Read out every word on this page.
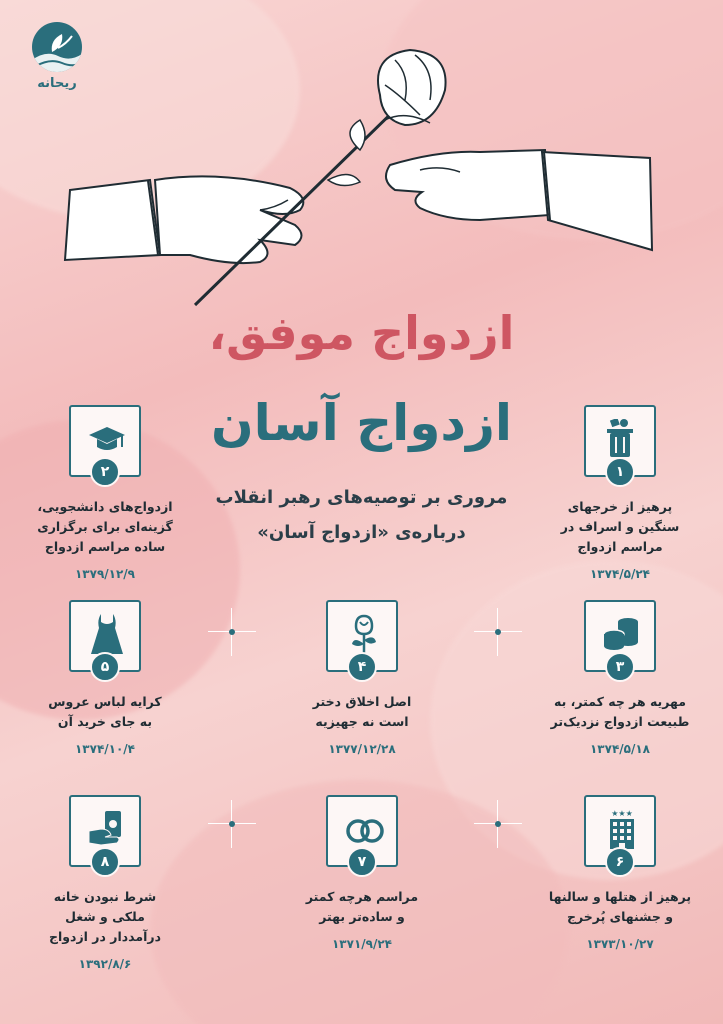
ریحانه
ازدواج موفق،
ازدواج آسان
مروری بر توصیه‌های رهبر انقلاب
درباره‌ی «ازدواج آسان»
۱
پرهیز از خرجهای
سنگین و اسراف در
مراسم ازدواج
۱۳۷۴/۵/۲۴
۲
ازدواج‌های دانشجویی،
گزینه‌ای برای برگزاری
ساده مراسم ازدواج
۱۳۷۹/۱۲/۹
۳
مهریه هر چه کمتر، به
طبیعت ازدواج نزدیک‌تر
۱۳۷۴/۵/۱۸
۴
اصل اخلاق دختر
است نه جهیزیه
۱۳۷۷/۱۲/۲۸
۵
کرایه لباس عروس
به جای خرید آن
۱۳۷۴/۱۰/۴
★★★
۶
پرهیز از هتلها و سالنها
و جشنهای پُرخرج
۱۳۷۳/۱۰/۲۷
۷
مراسم هرچه کمتر
و ساده‌تر بهتر
۱۳۷۱/۹/۲۴
۸
شرط نبودن خانه
ملکی و شغل
درآمددار در ازدواج
۱۳۹۲/۸/۶
